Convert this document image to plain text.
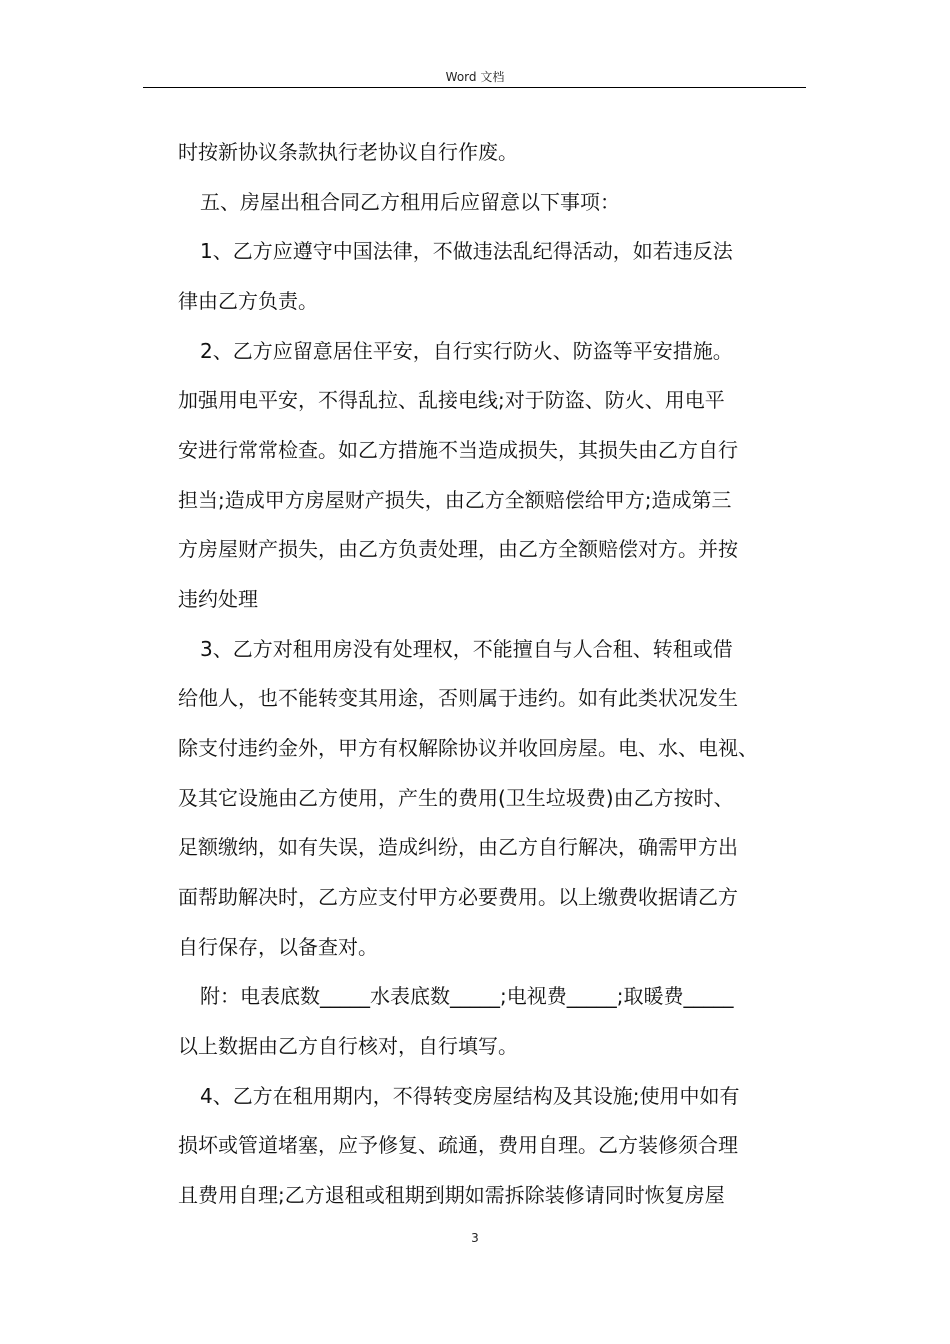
Word 文档
时按新协议条款执行老协议自行作废。
五、房屋出租合同乙方租用后应留意以下事项：
1、乙方应遵守中国法律，不做违法乱纪得活动，如若违反法
律由乙方负责。
2、乙方应留意居住平安，自行实行防火、防盗等平安措施。
加强用电平安，不得乱拉、乱接电线;对于防盗、防火、用电平
安进行常常检查。如乙方措施不当造成损失，其损失由乙方自行
担当;造成甲方房屋财产损失，由乙方全额赔偿给甲方;造成第三
方房屋财产损失，由乙方负责处理，由乙方全额赔偿对方。并按
违约处理
3、乙方对租用房没有处理权，不能擅自与人合租、转租或借
给他人，也不能转变其用途，否则属于违约。如有此类状况发生
除支付违约金外，甲方有权解除协议并收回房屋。电、水、电视、
及其它设施由乙方使用，产生的费用(卫生垃圾费)由乙方按时、
足额缴纳，如有失误，造成纠纷，由乙方自行解决，确需甲方出
面帮助解决时，乙方应支付甲方必要费用。以上缴费收据请乙方
自行保存，以备查对。
附：电表底数_____水表底数_____;电视费_____;取暖费_____
以上数据由乙方自行核对，自行填写。
4、乙方在租用期内，不得转变房屋结构及其设施;使用中如有
损坏或管道堵塞，应予修复、疏通，费用自理。乙方装修须合理
且费用自理;乙方退租或租期到期如需拆除装修请同时恢复房屋
3
